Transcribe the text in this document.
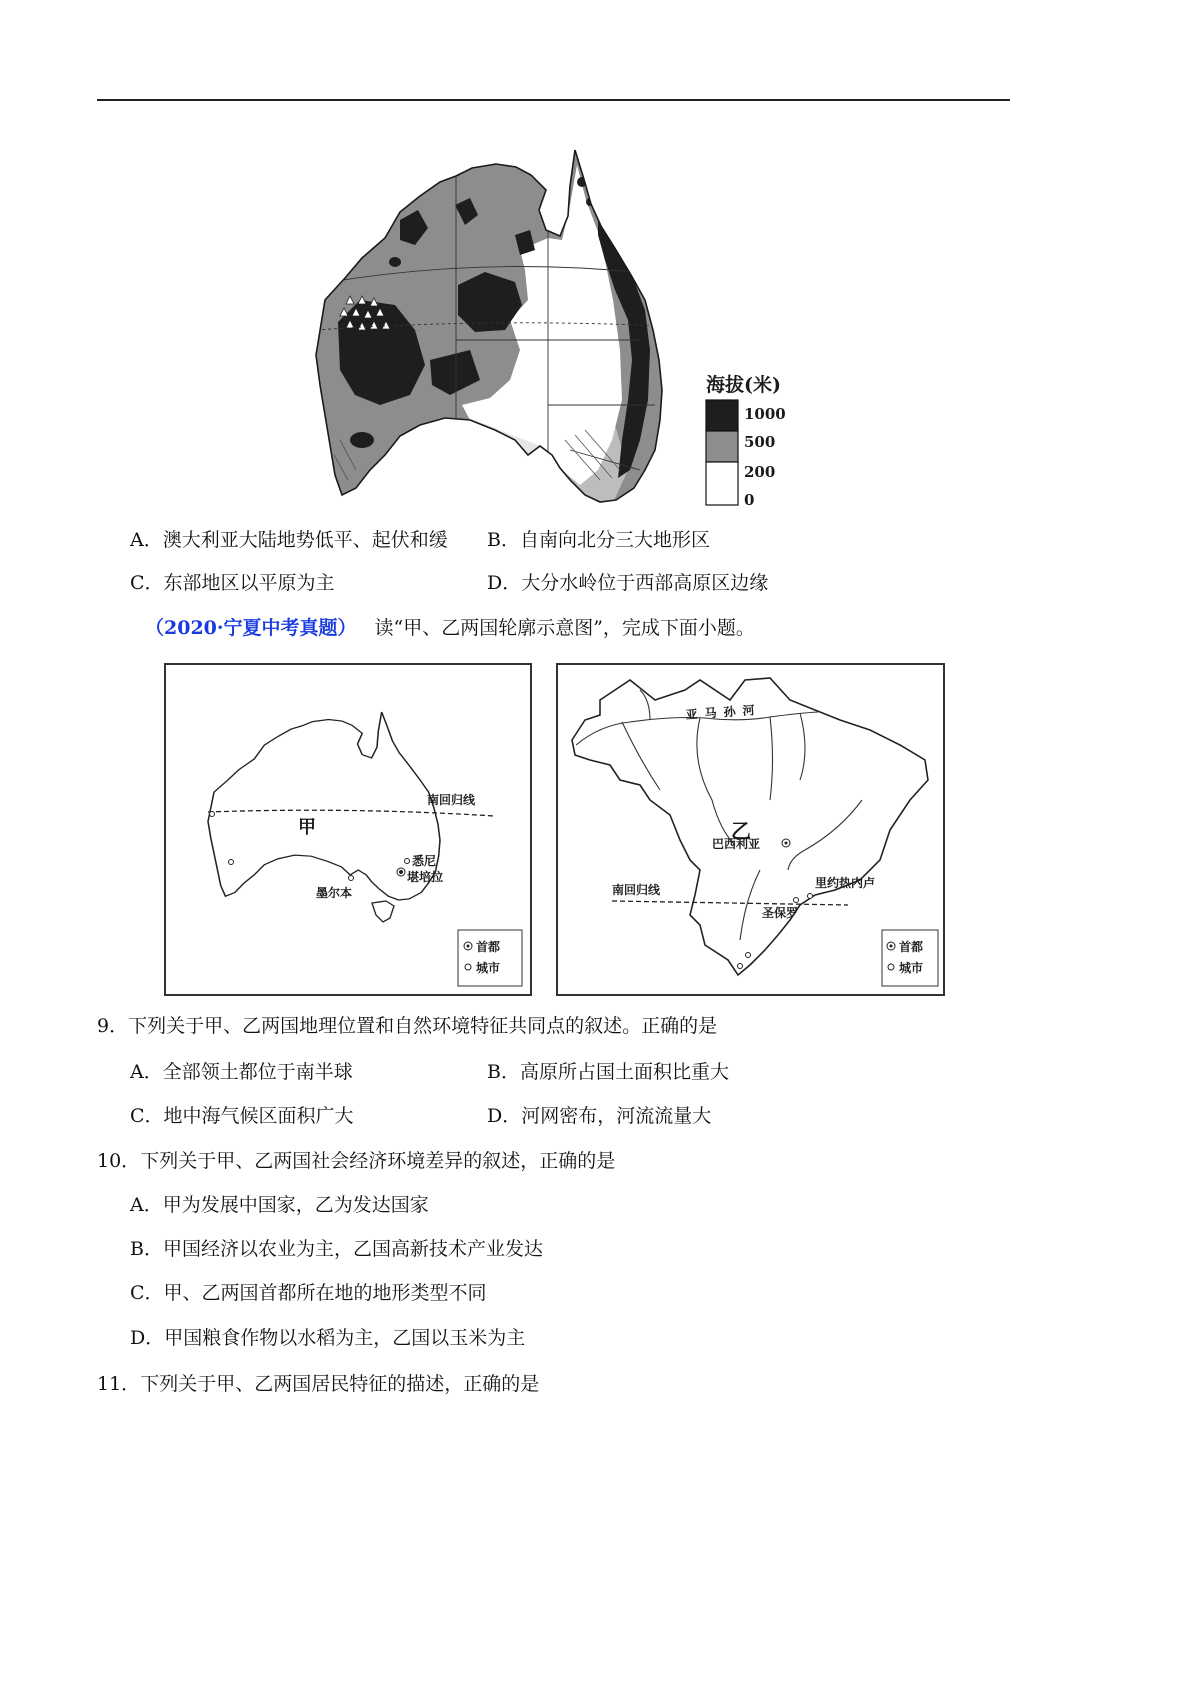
海拔(米)
1000
500
200
0
A．澳大利亚大陆地势低平、起伏和缓 B．自南向北分三大地形区
C．东部地区以平原为主	D．大分水岭位于西部高原区边缘
（2020·宁夏中考真题） 读“甲、乙两国轮廓示意图”，完成下面小题。
南回归线
甲
悉尼
堪培拉
墨尔本
首都
城市
亚马孙河
乙
巴西利亚
南回归线	里约热内卢
圣保罗
首都
城市
9．下列关于甲、乙两国地理位置和自然环境特征共同点的叙述。正确的是
A．全部领土都位于南半球	B．高原所占国土面积比重大
C．地中海气候区面积广大	D．河网密布，河流流量大
10．下列关于甲、乙两国社会经济环境差异的叙述，正确的是
A．甲为发展中国家，乙为发达国家
B．甲国经济以农业为主，乙国高新技术产业发达
C．甲、乙两国首都所在地的地形类型不同
D．甲国粮食作物以水稻为主，乙国以玉米为主
11．下列关于甲、乙两国居民特征的描述，正确的是
